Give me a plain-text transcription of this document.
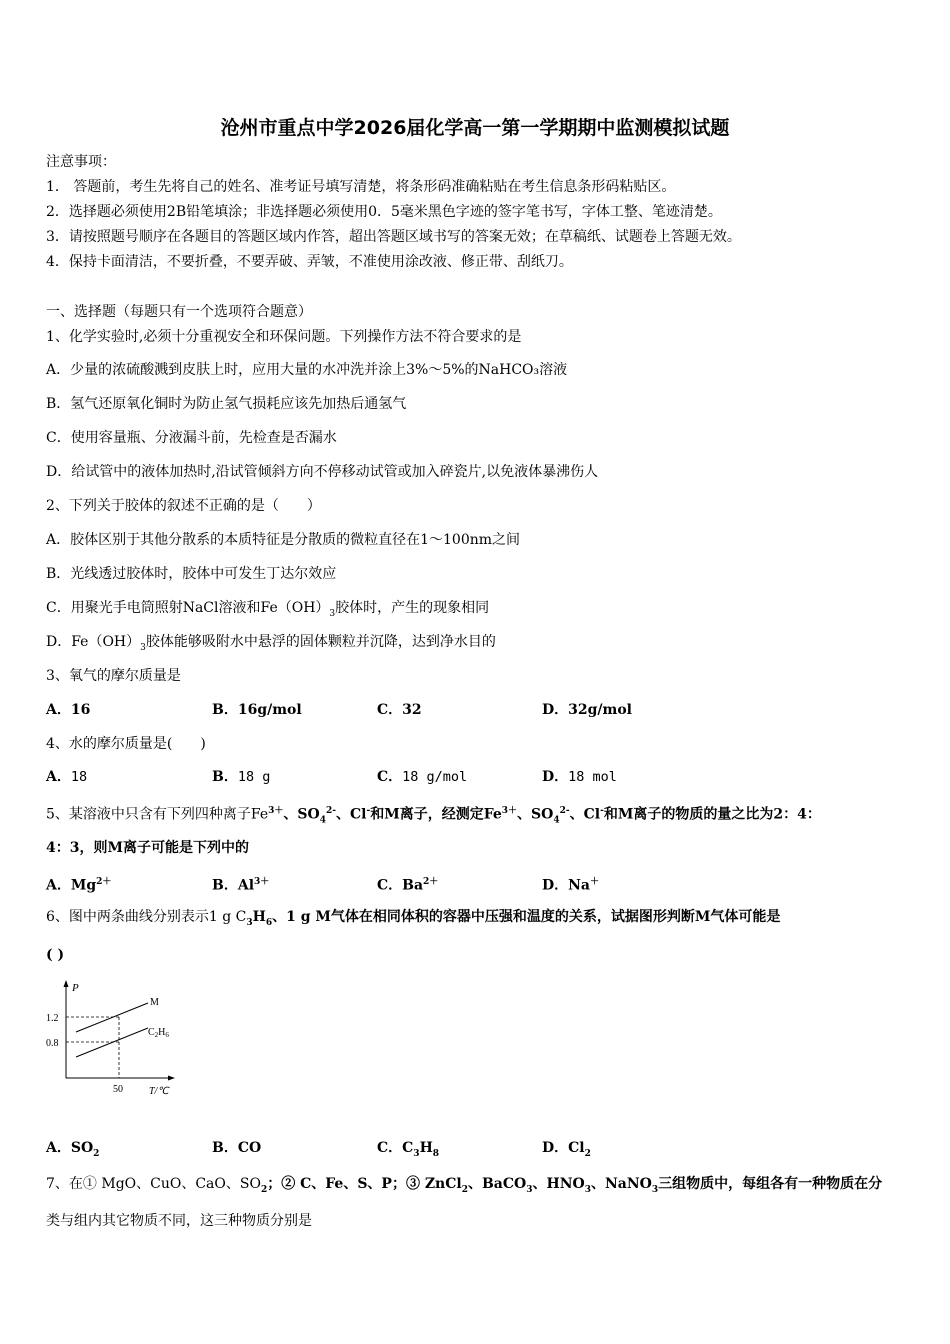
沧州市重点中学2026届化学高一第一学期期中监测模拟试题
注意事项：
1． 答题前，考生先将自己的姓名、准考证号填写清楚，将条形码准确粘贴在考生信息条形码粘贴区。
2．选择题必须使用2B铅笔填涂；非选择题必须使用0．5毫米黑色字迹的签字笔书写，字体工整、笔迹清楚。
3．请按照题号顺序在各题目的答题区域内作答，超出答题区域书写的答案无效；在草稿纸、试题卷上答题无效。
4．保持卡面清洁，不要折叠，不要弄破、弄皱，不准使用涂改液、修正带、刮纸刀。
一、选择题（每题只有一个选项符合题意）
1、化学实验时,必须十分重视安全和环保问题。下列操作方法不符合要求的是
A．少量的浓硫酸溅到皮肤上时，应用大量的水冲洗并涂上3%～5%的NaHCO₃溶液
B．氢气还原氧化铜时为防止氢气损耗应该先加热后通氢气
C．使用容量瓶、分液漏斗前，先检查是否漏水
D．给试管中的液体加热时,沿试管倾斜方向不停移动试管或加入碎瓷片,以免液体暴沸伤人
2、下列关于胶体的叙述不正确的是（　　）
A．胶体区别于其他分散系的本质特征是分散质的微粒直径在1～100nm之间
B．光线透过胶体时，胶体中可发生丁达尔效应
C．用聚光手电筒照射NaCl溶液和$Fe(OH)_3$胶体时，产生的现象相同
D．$Fe(OH)_3$胶体能够吸附水中悬浮的固体颗粒并沉降，达到净水目的
3、氧气的摩尔质量是
A．16	B．16g/mol	C．32	D．32g/mol
4、水的摩尔质量是(　　)
A．18	B．18 g	C．18 g/mol	D．18 mol
5、某溶液中只含有下列四种离子$Fe^{3+}$、$SO_4^{2-}$、Cl-和M离子，经测定$Fe^{3+}$、$SO_4^{2-}$、Cl-和M离子的物质的量之比为2：4：
4：3，则M离子可能是下列中的
A．$Mg^{2+}$	B．$Al^{3+}$	C．$Ba^{2+}$	D．Na＋
6、图中两条曲线分别表示1 g $C_3H_6$、1 g M气体在相同体积的容器中压强和温度的关系，试据图形判断M气体可能是
( )
P
T/℃
1.2
0.8
50
M
$C_2H_6$
A．$SO_2$	B．CO	C．$C_3H_8$	D．$Cl_2$
7、在① MgO、CuO、CaO、$SO_2$；② C、Fe、S、P；③ ZnCl$_2$、BaCO$_3$、$HNO_3$、NaNO$_3$三组物质中，每组各有一种物质在分
类与组内其它物质不同，这三种物质分别是
